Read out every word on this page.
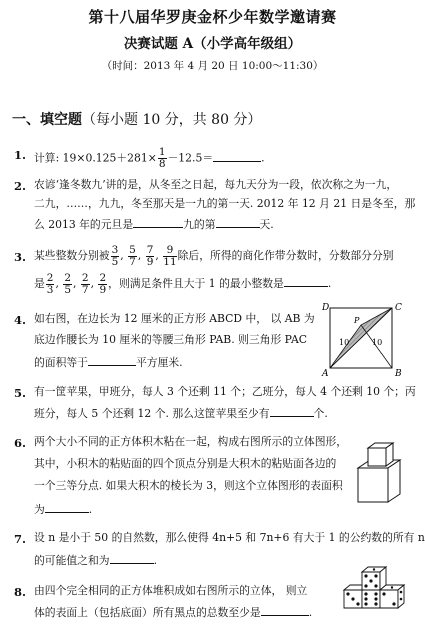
第十八届华罗庚金杯少年数学邀请赛
决赛试题 A（小学高年级组）
（时间：2013 年 4 月 20 日 10:00～11:30）
一、填空题（每小题 10 分，共 80 分）
1. 计算: $19\times 0.125+281\times \frac{1}{8} -12.5=$	.
2. 农谚‘逢冬数九’讲的是，从冬至之日起，每九天分为一段，依次称之为一九，
二九，……，九九，冬至那天是一九的第一天. 2012 年 12 月 21 日是冬至，那
么 2013 年的元旦是	九的第	天.
3. 某些整数分别被 $\frac{3}{5}$ , $\frac{5}{7}$ , $\frac{7}{9}$ , $\frac{9}{11}$ 除后，所得的商化作带分数时，分数部分分别
是 $\frac{2}{3}$ , $\frac{2}{5}$ , $\frac{2}{7}$ , $\frac{2}{9}$ ，则满足条件且大于 1 的最小整数是	.
4. 如右图，在边长为 12 厘米的正方形 ABCD 中， 以 AB 为
底边作腰长为 10 厘米的等腰三角形 PAB. 则三角形 PAC
的面积等于	平方厘米.
D	C
A	B
P
10	10
5. 有一筐苹果，甲班分，每人 3 个还剩 11 个；乙班分，每人 4 个还剩 10 个；丙
班分，每人 5 个还剩 12 个. 那么这筐苹果至少有	个.
6. 两个大小不同的正方体积木粘在一起，构成右图所示的立体图形，
其中，小积木的粘贴面的四个顶点分别是大积木的粘贴面各边的
一个三等分点. 如果大积木的棱长为 3，则这个立体图形的表面积
为	.
7. 设 n 是小于 50 的自然数，那么使得 4n+5 和 7n+6 有大于 1 的公约数的所有 n
的可能值之和为	.
8. 由四个完全相同的正方体堆积成如右图所示的立体， 则立
体的表面上（包括底面）所有黑点的总数至少是	.
